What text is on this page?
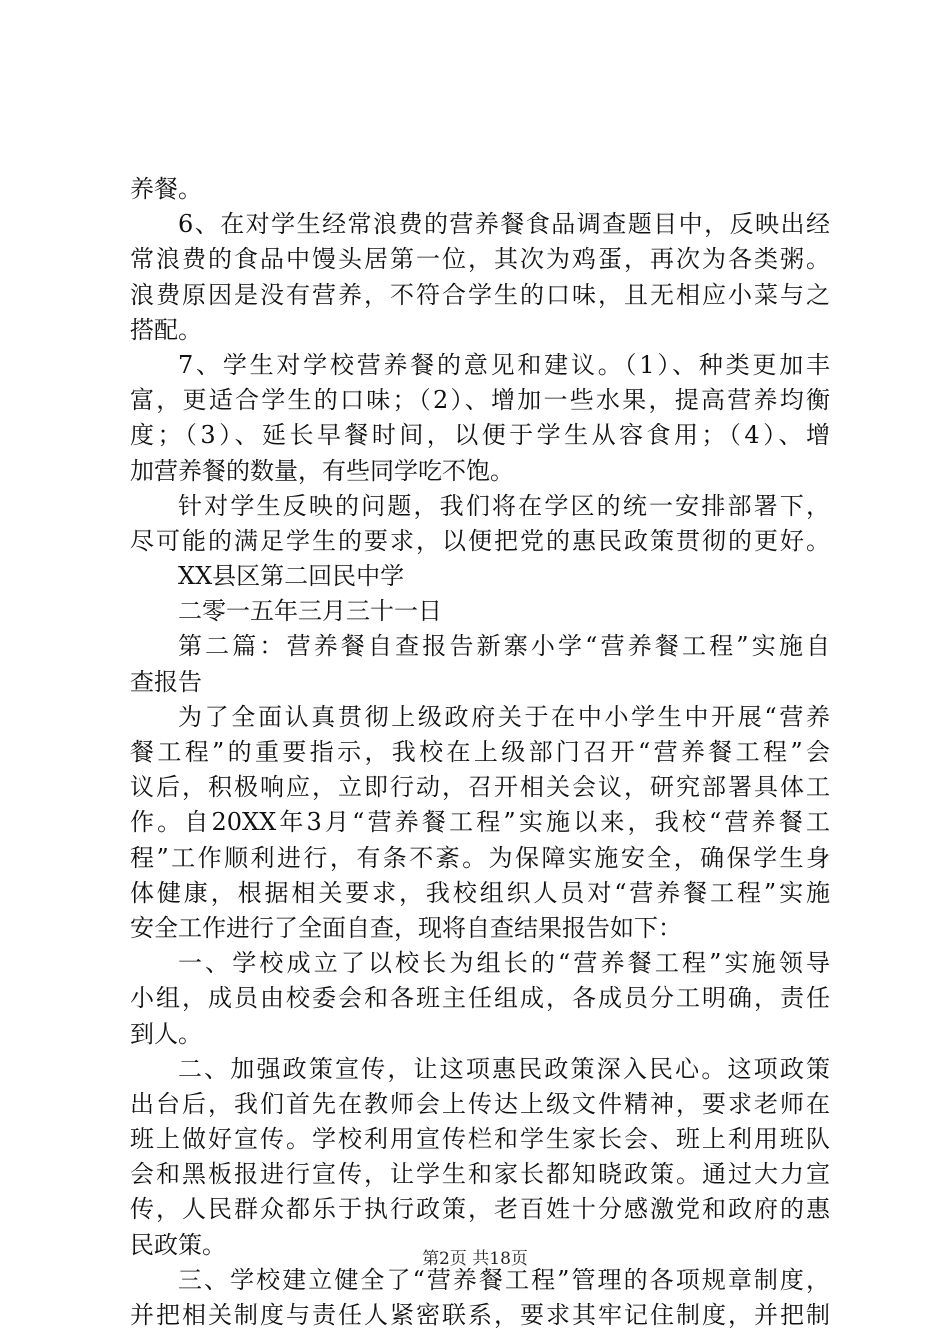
养餐。
6、在对学生经常浪费的营养餐食品调查题目中，反映出经
常浪费的食品中馒头居第一位，其次为鸡蛋，再次为各类粥。
浪费原因是没有营养，不符合学生的口味，且无相应小菜与之
搭配。
7、学生对学校营养餐的意见和建议。（1）、种类更加丰
富，更适合学生的口味；（2）、增加一些水果，提高营养均衡
度；（3）、延长早餐时间，以便于学生从容食用；（4）、增
加营养餐的数量，有些同学吃不饱。
针对学生反映的问题，我们将在学区的统一安排部署下，
尽可能的满足学生的要求，以便把党的惠民政策贯彻的更好。
XX县区第二回民中学
二零一五年三月三十一日
第二篇：营养餐自查报告新寨小学“营养餐工程”实施自
查报告
为了全面认真贯彻上级政府关于在中小学生中开展“营养
餐工程”的重要指示，我校在上级部门召开“营养餐工程”会
议后，积极响应，立即行动，召开相关会议，研究部署具体工
作。自20XX年3月“营养餐工程”实施以来，我校“营养餐工
程”工作顺利进行，有条不紊。为保障实施安全，确保学生身
体健康，根据相关要求，我校组织人员对“营养餐工程”实施
安全工作进行了全面自查，现将自查结果报告如下：
一、学校成立了以校长为组长的“营养餐工程”实施领导
小组，成员由校委会和各班主任组成，各成员分工明确，责任
到人。
二、加强政策宣传，让这项惠民政策深入民心。这项政策
出台后，我们首先在教师会上传达上级文件精神，要求老师在
班上做好宣传。学校利用宣传栏和学生家长会、班上利用班队
会和黑板报进行宣传，让学生和家长都知晓政策。通过大力宣
传，人民群众都乐于执行政策，老百姓十分感激党和政府的惠
民政策。
三、学校建立健全了“营养餐工程”管理的各项规章制度，
并把相关制度与责任人紧密联系，要求其牢记住制度，并把制
第2页 共18页
